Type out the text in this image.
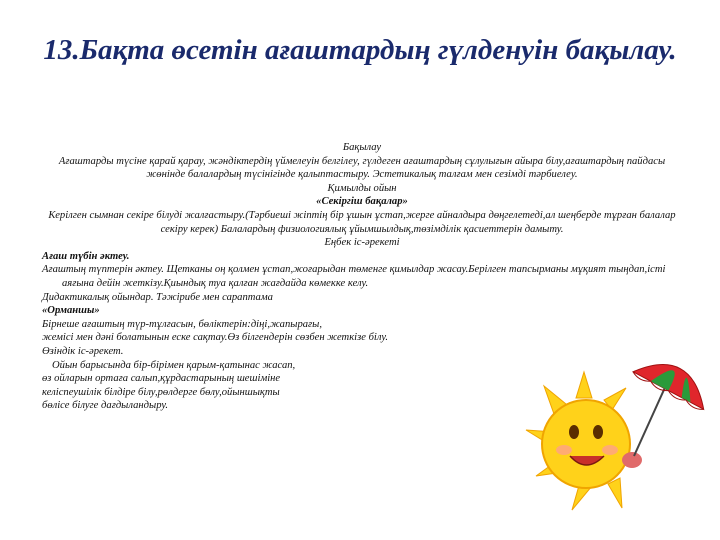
13.Бақта өсетін ағаштардың гүлденуін бақылау.

Бақылау

Ағаштарды түсіне қарай қарау, жәндіктердің үймелеуін белгілеу, гүлдеген ағаштардың сұлулығын айыра білу,ағаштардың пайдасы жөнінде балалардың түсінігінде қалыптастыру. Эстетикалық талғам мен сезімді тәрбиелеу.

Қимылды ойын

«Секіргіш бақалар»

Керілген сымнан секіре білуді жалғастыру.(Тәрбиеші жіптің бір ұшын ұстап,жерге айналдыра дөңгелетеді,ал шеңберде тұрған балалар секіру керек) Балалардың физиологиялық ұйымшылдық,төзімділік қасиеттерін дамыту.

Еңбек іс-әрекеті

Ағаш түбін әктеу.

Ағаштың түптерін әктеу. Щетканы оң қолмен ұстап,жоғарыдан төменге қимылдар жасау.Берілген тапсырманы мұқият тыңдап,істі аяғына дейін жеткізу.Қиындық туа қалған жағдайда көмекке келу.

Дидактикалық ойындар. Тәжірибе мен сараптама

«Орманшы»

Бірнеше ағаштың түр-тұлғасын, бөліктерін:діңі,жапырағы,

жемісі мен дәні болатынын еске сақтау.Өз білгендерін сөзбен жеткізе білу.

Өзіндік іс-әрекет.

Ойын барысында бір-бірімен қарым-қатынас жасап,

өз ойларын ортаға салып,құрдастарының шешіміне

келіспеушілік білдіре білу,рөлдерге бөлу,ойыншықты

бөлісе білуге дағдыландыру.
